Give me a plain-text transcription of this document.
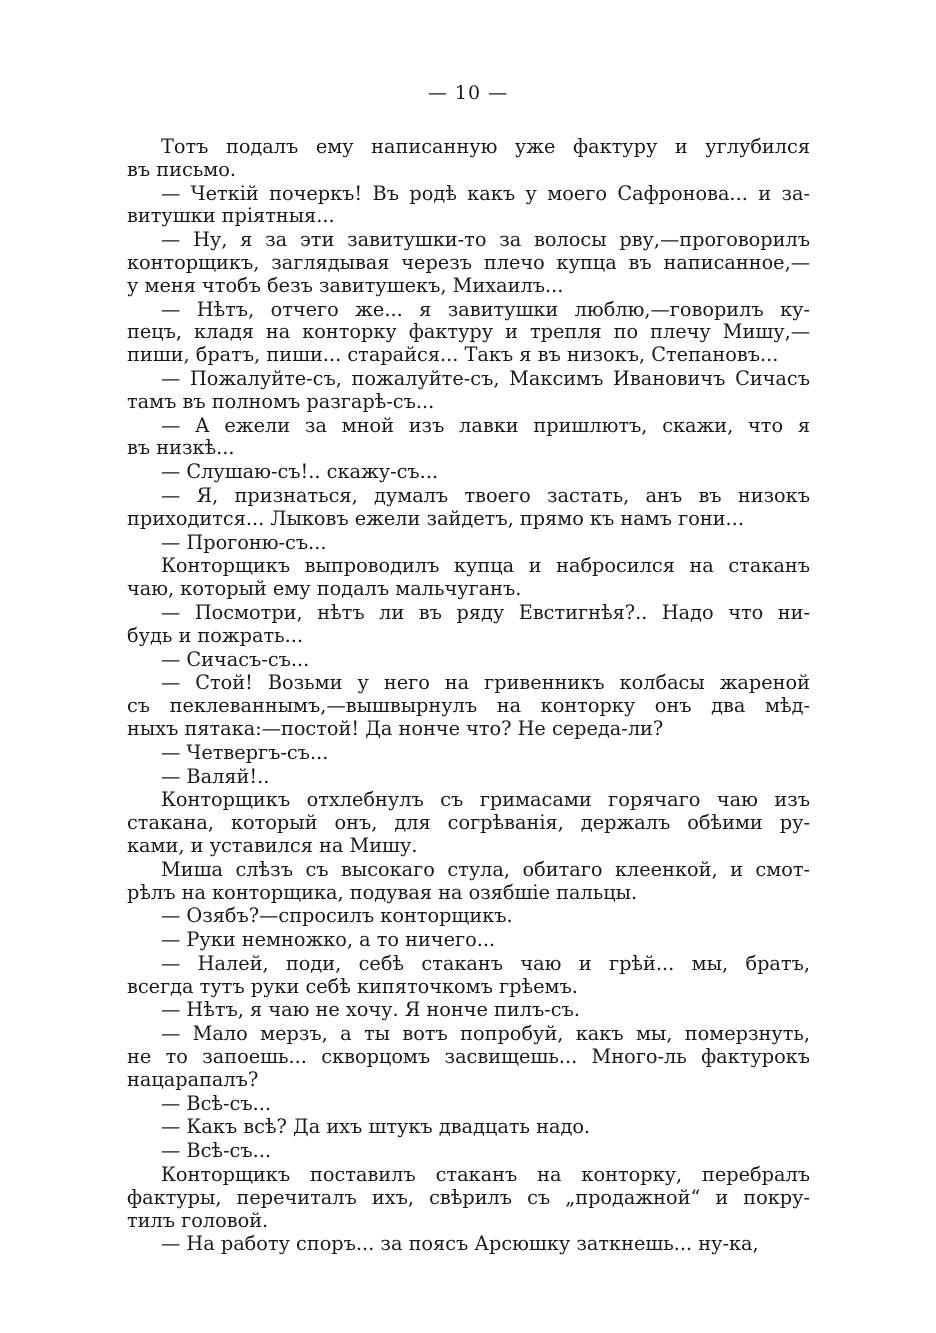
— 10 —
Тотъ подалъ ему написанную уже фактуру и углубился
въ письмо.
— Четкій почеркъ! Въ родѣ какъ у моего Сафронова... и за-
витушки пріятныя...
— Ну, я за эти завитушки-то за волосы рву,—проговорилъ
конторщикъ, заглядывая черезъ плечо купца въ написанное,—
у меня чтобъ безъ завитушекъ, Михаилъ...
— Нѣтъ, отчего же... я завитушки люблю,—говорилъ ку-
пецъ, кладя на конторку фактуру и трепля по плечу Мишу,—
пиши, братъ, пиши... старайся... Такъ я въ низокъ, Степановъ...
— Пожалуйте-съ, пожалуйте-съ, Максимъ Ивановичъ Сичасъ
тамъ въ полномъ разгарѣ-съ...
— А ежели за мной изъ лавки пришлютъ, скажи, что я
въ низкѣ...
— Слушаю-съ!.. скажу-съ...
— Я, признаться, думалъ твоего застать, анъ въ низокъ
приходится... Лыковъ ежели зайдетъ, прямо къ намъ гони...
— Прогоню-съ...
Конторщикъ выпроводилъ купца и набросился на стаканъ
чаю, который ему подалъ мальчуганъ.
— Посмотри, нѣтъ ли въ ряду Евстигнѣя?.. Надо что ни-
будь и пожрать...
— Сичасъ-съ...
— Стой! Возьми у него на гривенникъ колбасы жареной
съ пеклеваннымъ,—вышвырнулъ на конторку онъ два мѣд-
ныхъ пятака:—постой! Да нонче что? Не середа-ли?
— Четвергъ-съ...
— Валяй!..
Конторщикъ отхлебнулъ съ гримасами горячаго чаю изъ
стакана, который онъ, для согрѣванія, держалъ обѣими ру-
ками, и уставился на Мишу.
Миша слѣзъ съ высокаго стула, обитаго клеенкой, и смот-
рѣлъ на конторщика, подувая на озябшіе пальцы.
— Озябъ?—спросилъ конторщикъ.
— Руки немножко, а то ничего...
— Налей, поди, себѣ стаканъ чаю и грѣй... мы, братъ,
всегда тутъ руки себѣ кипяточкомъ грѣемъ.
— Нѣтъ, я чаю не хочу. Я нонче пилъ-съ.
— Мало мерзъ, а ты вотъ попробуй, какъ мы, померзнуть,
не то запоешь... скворцомъ засвищешь... Много-ль фактурокъ
нацарапалъ?
— Всѣ-съ...
— Какъ всѣ? Да ихъ штукъ двадцать надо.
— Всѣ-съ...
Конторщикъ поставилъ стаканъ на конторку, перебралъ
фактуры, перечиталъ ихъ, свѣрилъ съ „продажной“ и покру-
тилъ головой.
— На работу споръ... за поясъ Арсюшку заткнешь... ну-ка,
